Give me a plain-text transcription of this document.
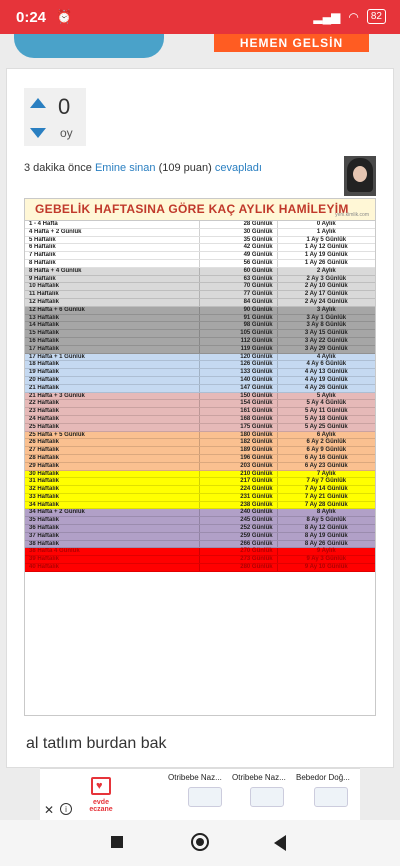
0:24 ⏰	▂▄▆ ◠	82
HEMEN GELSİN
0
oy
3 dakika önce Emine sinan (109 puan) cevapladı
GEBELİK HAFTASINA GÖRE KAÇ AYLIK HAMİLEYİM
yeni.kimlik.com
1 - 4 Hafta	28 Günlük	0 Aylık
4 Hafta + 2 Günlük	30 Günlük	1 Aylık
5 Haftalık	35 Günlük	1 Ay 5 Günlük
6 Haftalık	42 Günlük	1 Ay 12 Günlük
7 Haftalık	49 Günlük	1 Ay 19 Günlük
8 Haftalık	56 Günlük	1 Ay 26 Günlük
8 Hafta + 4 Günlük	60 Günlük	2 Aylık
9 Haftalık	63 Günlük	2 Ay 3 Günlük
10 Haftalık	70 Günlük	2 Ay 10 Günlük
11 Haftalık	77 Günlük	2 Ay 17 Günlük
12 Haftalık	84 Günlük	2 Ay 24 Günlük
12 Hafta + 6 Günlük	90 Günlük	3 Aylık
13 Haftalık	91 Günlük	3 Ay 1 Günlük
14 Haftalık	98 Günlük	3 Ay 8 Günlük
15 Haftalık	105 Günlük	3 Ay 15 Günlük
16 Haftalık	112 Günlük	3 Ay 22 Günlük
17 Haftalık	119 Günlük	3 Ay 29 Günlük
17 Hafta + 1 Günlük	120 Günlük	4 Aylık
18 Haftalık	126 Günlük	4 Ay 6 Günlük
19 Haftalık	133 Günlük	4 Ay 13 Günlük
20 Haftalık	140 Günlük	4 Ay 19 Günlük
21 Haftalık	147 Günlük	4 Ay 26 Günlük
21 Hafta + 3 Günlük	150 Günlük	5 Aylık
22 Haftalık	154 Günlük	5 Ay 4 Günlük
23 Haftalık	161 Günlük	5 Ay 11 Günlük
24 Haftalık	168 Günlük	5 Ay 18 Günlük
25 Haftalık	175 Günlük	5 Ay 25 Günlük
25 Hafta + 5 Günlük	180 Günlük	6 Aylık
26 Haftalık	182 Günlük	6 Ay 2 Günlük
27 Haftalık	189 Günlük	6 Ay 9 Günlük
28 Haftalık	196 Günlük	6 Ay 16 Günlük
29 Haftalık	203 Günlük	6 Ay 23 Günlük
30 Haftalık	210 Günlük	7 Aylık
31 Haftalık	217 Günlük	7 Ay 7 Günlük
32 Haftalık	224 Günlük	7 Ay 14 Günlük
33 Haftalık	231 Günlük	7 Ay 21 Günlük
34 Haftalık	238 Günlük	7 Ay 28 Günlük
34 Hafta + 2 Günlük	240 Günlük	8 Aylık
35 Haftalık	245 Günlük	8 Ay 5 Günlük
36 Haftalık	252 Günlük	8 Ay 12 Günlük
37 Haftalık	259 Günlük	8 Ay 19 Günlük
38 Haftalık	266 Günlük	8 Ay 26 Günlük
38 Hafta 4 Günlük	270 Günlük	9 Aylık
39 Haftalık	273 Günlük	9 Ay 3 Günlük
40 Haftalık	280 Günlük	9 Ay 10 Günlük
al tatlım burdan bak
♥
evde eczane
Otribebe Naz... Otribebe Naz... Bebedor Doğ...
✕	i
